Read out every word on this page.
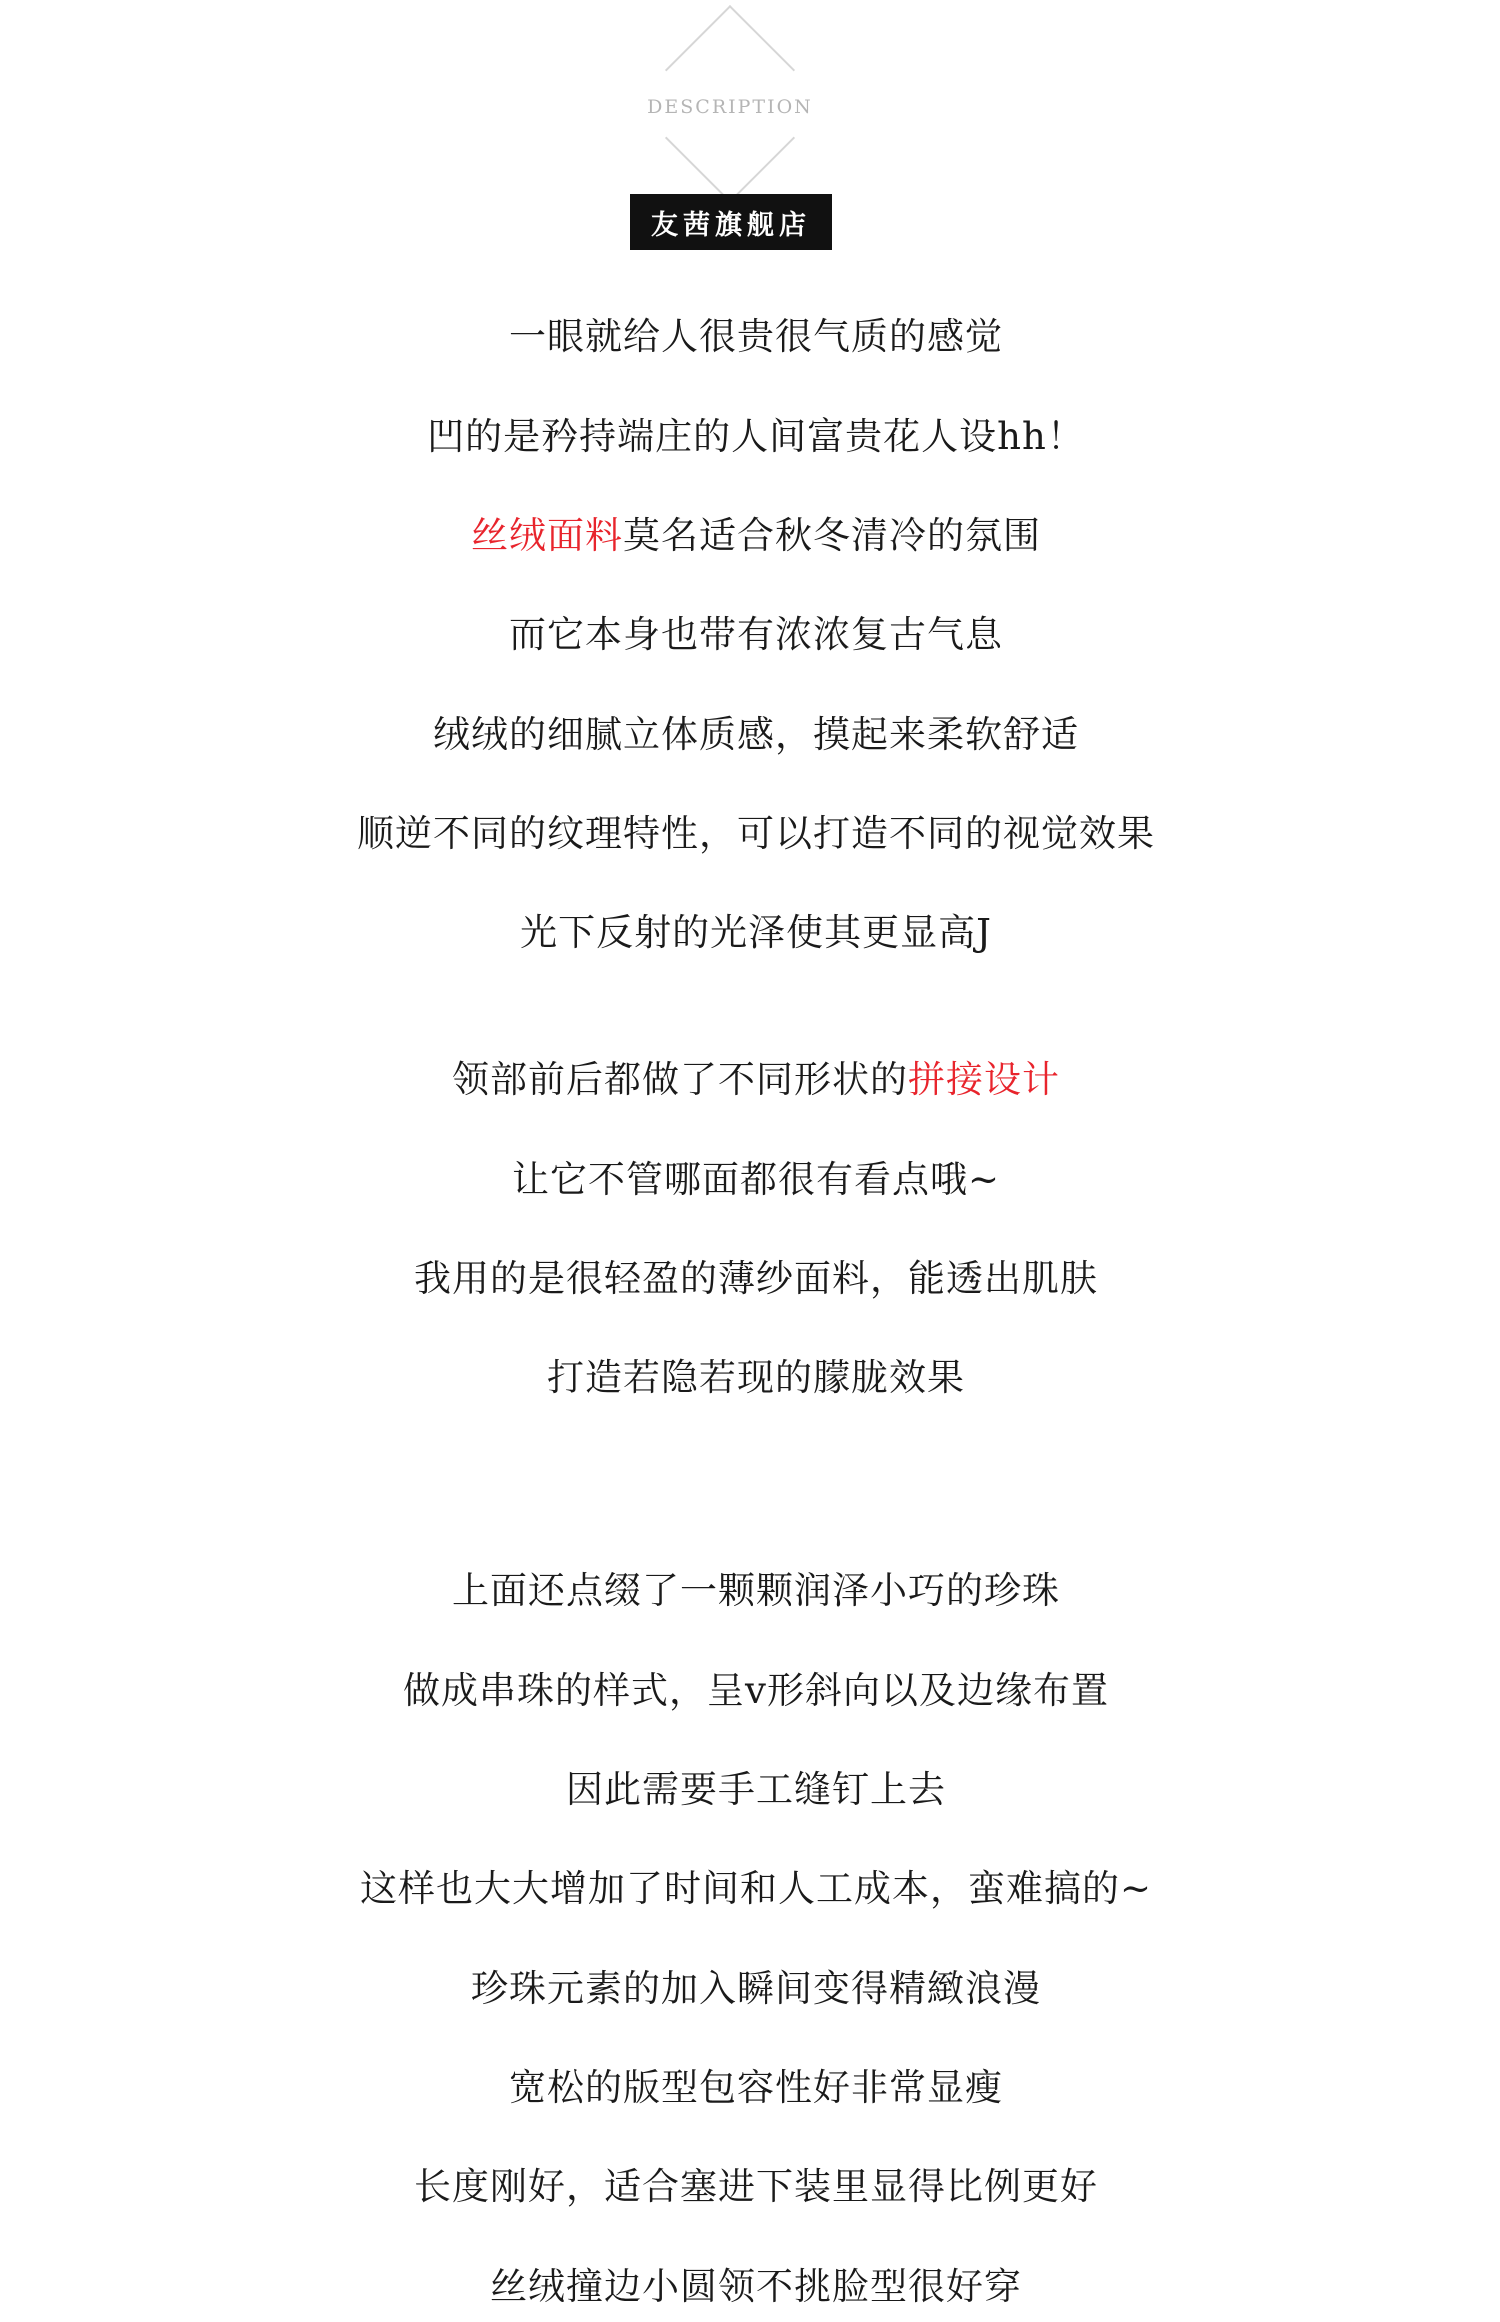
DESCRIPTION
友茜旗舰店
一眼就给人很贵很气质的感觉
凹的是矜持端庄的人间富贵花人设hh！
丝绒面料莫名适合秋冬清冷的氛围
而它本身也带有浓浓复古气息
绒绒的细腻立体质感，摸起来柔软舒适
顺逆不同的纹理特性，可以打造不同的视觉效果
光下反射的光泽使其更显高J
领部前后都做了不同形状的拼接设计
让它不管哪面都很有看点哦~
我用的是很轻盈的薄纱面料，能透出肌肤
打造若隐若现的朦胧效果
上面还点缀了一颗颗润泽小巧的珍珠
做成串珠的样式，呈v形斜向以及边缘布置
因此需要手工缝钉上去
这样也大大增加了时间和人工成本，蛮难搞的~
珍珠元素的加入瞬间变得精緻浪漫
宽松的版型包容性好非常显瘦
长度刚好，适合塞进下装里显得比例更好
丝绒撞边小圆领不挑脸型很好穿
